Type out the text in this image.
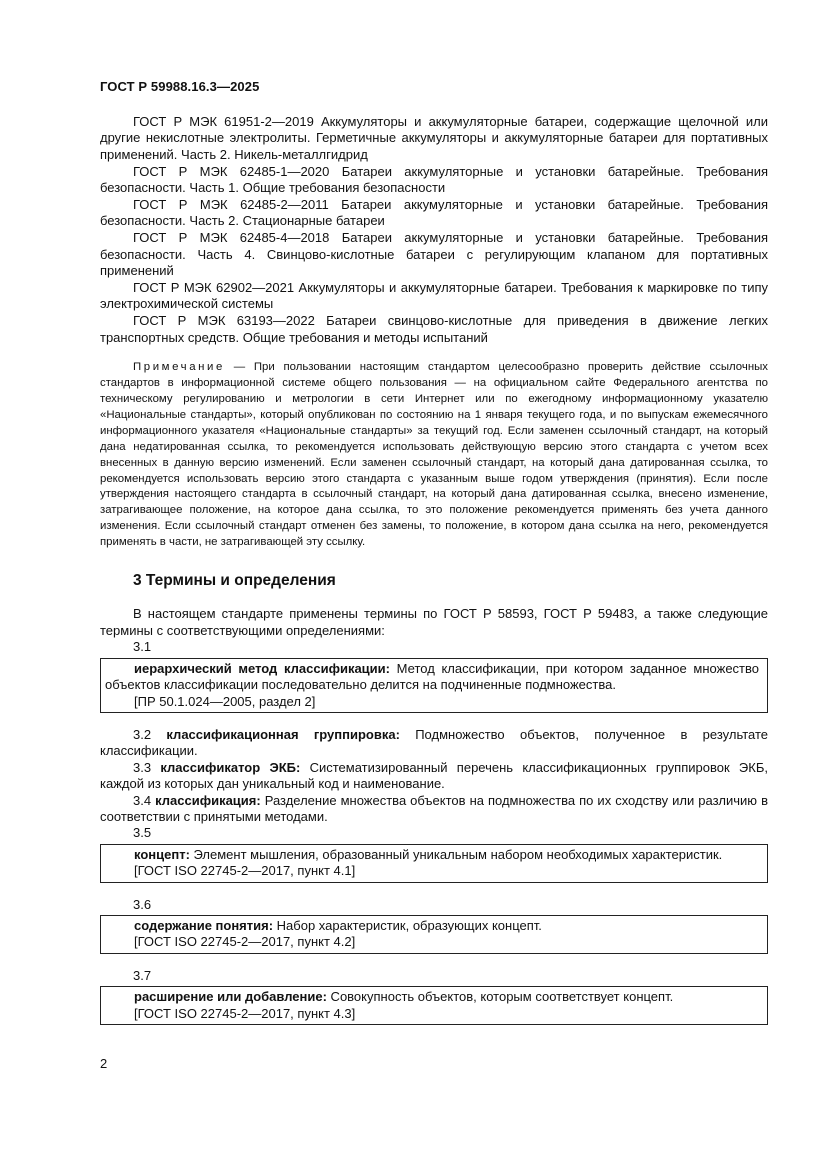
ГОСТ Р 59988.16.3—2025

ГОСТ Р МЭК 61951-2—2019 Аккумуляторы и аккумуляторные батареи, содержащие щелочной или другие некислотные электролиты. Герметичные аккумуляторы и аккумуляторные батареи для портативных применений. Часть 2. Никель-металлгидрид

ГОСТ Р МЭК 62485-1—2020 Батареи аккумуляторные и установки батарейные. Требования безопасности. Часть 1. Общие требования безопасности

ГОСТ Р МЭК 62485-2—2011 Батареи аккумуляторные и установки батарейные. Требования безопасности. Часть 2. Стационарные батареи

ГОСТ Р МЭК 62485-4—2018 Батареи аккумуляторные и установки батарейные. Требования безопасности. Часть 4. Свинцово-кислотные батареи с регулирующим клапаном для портативных применений

ГОСТ Р МЭК 62902—2021 Аккумуляторы и аккумуляторные батареи. Требования к маркировке по типу электрохимической системы

ГОСТ Р МЭК 63193—2022 Батареи свинцово-кислотные для приведения в движение легких транспортных средств. Общие требования и методы испытаний

Примечание — При пользовании настоящим стандартом целесообразно проверить действие ссылочных стандартов в информационной системе общего пользования — на официальном сайте Федерального агентства по техническому регулированию и метрологии в сети Интернет или по ежегодному информационному указателю «Национальные стандарты», который опубликован по состоянию на 1 января текущего года, и по выпускам ежемесячного информационного указателя «Национальные стандарты» за текущий год. Если заменен ссылочный стандарт, на который дана недатированная ссылка, то рекомендуется использовать действующую версию этого стандарта с учетом всех внесенных в данную версию изменений. Если заменен ссылочный стандарт, на который дана датированная ссылка, то рекомендуется использовать версию этого стандарта с указанным выше годом утверждения (принятия). Если после утверждения настоящего стандарта в ссылочный стандарт, на который дана датированная ссылка, внесено изменение, затрагивающее положение, на которое дана ссылка, то это положение рекомендуется применять без учета данного изменения. Если ссылочный стандарт отменен без замены, то положение, в котором дана ссылка на него, рекомендуется применять в части, не затрагивающей эту ссылку.

3 Термины и определения

В настоящем стандарте применены термины по ГОСТ Р 58593, ГОСТ Р 59483, а также следующие термины с соответствующими определениями:

3.1

иерархический метод классификации: Метод классификации, при котором заданное множество объектов классификации последовательно делится на подчиненные подмножества.

[ПР 50.1.024—2005, раздел 2]

3.2 классификационная группировка: Подмножество объектов, полученное в результате классификации.

3.3 классификатор ЭКБ: Систематизированный перечень классификационных группировок ЭКБ, каждой из которых дан уникальный код и наименование.

3.4 классификация: Разделение множества объектов на подмножества по их сходству или различию в соответствии с принятыми методами.

3.5

концепт: Элемент мышления, образованный уникальным набором необходимых характеристик.

[ГОСТ ISO 22745-2—2017, пункт 4.1]

3.6

содержание понятия: Набор характеристик, образующих концепт.

[ГОСТ ISO 22745-2—2017, пункт 4.2]

3.7

расширение или добавление: Совокупность объектов, которым соответствует концепт.

[ГОСТ ISO 22745-2—2017, пункт 4.3]

2
